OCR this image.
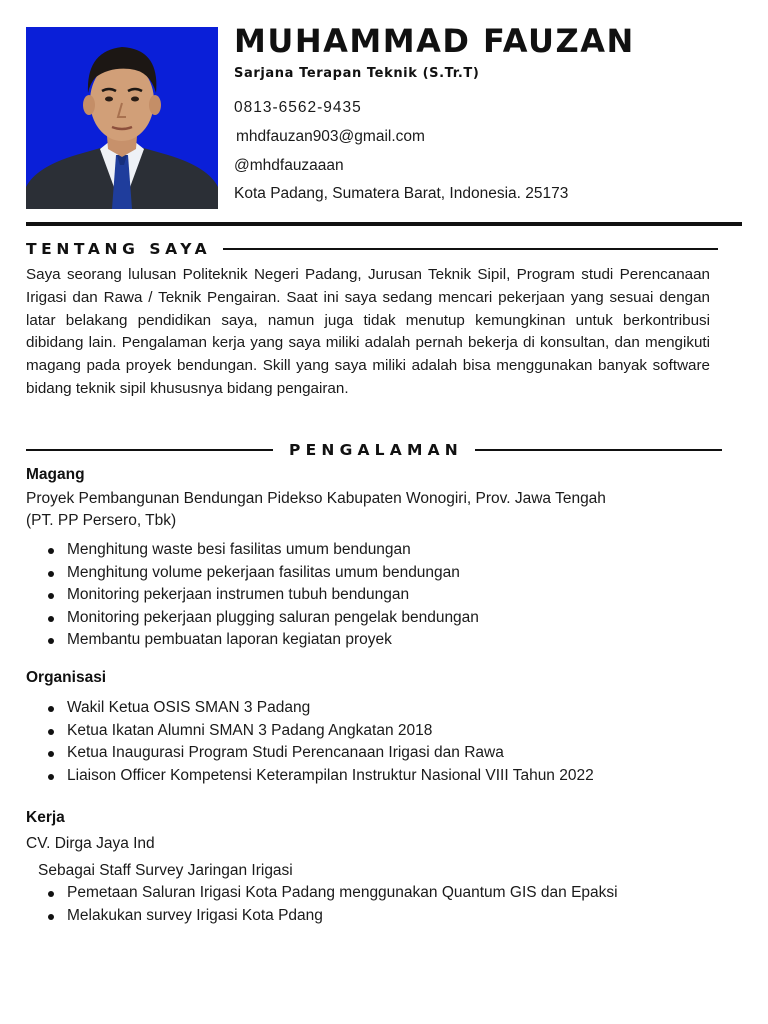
MUHAMMAD FAUZAN
Sarjana Terapan Teknik (S.Tr.T)
0813-6562-9435
mhdfauzan903@gmail.com
@mhdfauzaaan
Kota Padang, Sumatera Barat, Indonesia. 25173
TENTANG SAYA

Saya seorang lulusan Politeknik Negeri Padang, Jurusan Teknik Sipil, Program studi Perencanaan Irigasi dan Rawa / Teknik Pengairan. Saat ini saya sedang mencari pekerjaan yang sesuai dengan latar belakang pendidikan saya, namun juga tidak menutup kemungkinan untuk berkontribusi dibidang lain. Pengalaman kerja yang saya miliki adalah pernah bekerja di konsultan, dan mengikuti magang pada proyek bendungan. Skill yang saya miliki adalah bisa menggunakan banyak software bidang teknik sipil khususnya bidang pengairan.

PENGALAMAN
Magang
Proyek Pembangunan Bendungan Pidekso Kabupaten Wonogiri, Prov. Jawa Tengah
(PT. PP Persero, Tbk)
Menghitung waste besi fasilitas umum bendungan
Menghitung volume pekerjaan fasilitas umum bendungan
Monitoring pekerjaan instrumen tubuh bendungan
Monitoring pekerjaan plugging saluran pengelak bendungan
Membantu pembuatan laporan kegiatan proyek
Organisasi
Wakil Ketua OSIS SMAN 3 Padang
Ketua Ikatan Alumni SMAN 3 Padang Angkatan 2018
Ketua Inaugurasi Program Studi Perencanaan Irigasi dan Rawa
Liaison Officer Kompetensi Keterampilan Instruktur Nasional VIII Tahun 2022
Kerja
CV. Dirga Jaya Ind
Sebagai Staff Survey Jaringan Irigasi
Pemetaan Saluran Irigasi Kota Padang menggunakan Quantum GIS dan Epaksi
Melakukan survey Irigasi Kota Pdang
